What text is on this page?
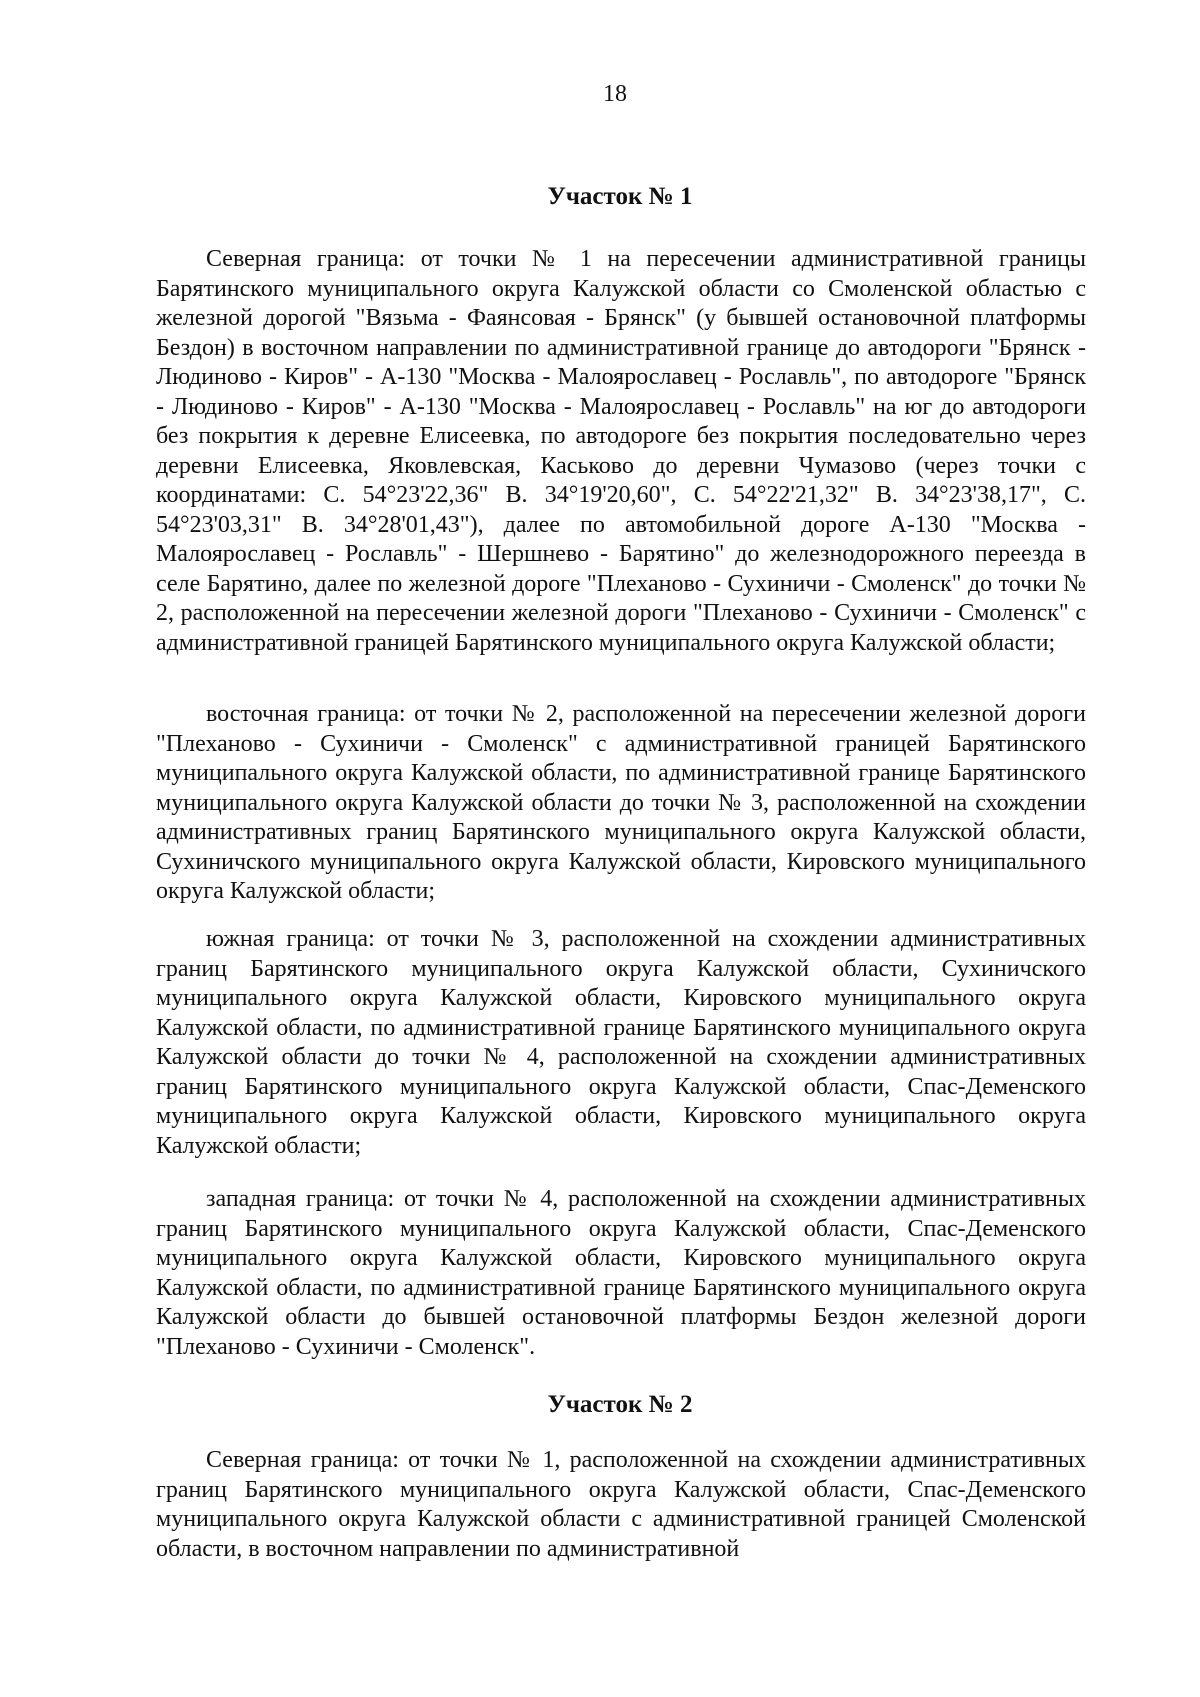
18
Участок № 1
Северная граница: от точки № 1 на пересечении административной границы Барятинского муниципального округа Калужской области со Смоленской областью с железной дорогой "Вязьма - Фаянсовая - Брянск" (у бывшей остановочной платформы Бездон) в восточном направлении по административной границе до автодороги "Брянск - Людиново - Киров" - А-130 "Москва - Малоярославец - Рославль", по автодороге "Брянск - Людиново - Киров" - А-130 "Москва - Малоярославец - Рославль" на юг до автодороги без покрытия к деревне Елисеевка, по автодороге без покрытия последовательно через деревни Елисеевка, Яковлевская, Каськово до деревни Чумазово (через точки с координатами: С. 54°23'22,36" В. 34°19'20,60", С. 54°22'21,32" В. 34°23'38,17", С. 54°23'03,31" В. 34°28'01,43"), далее по автомобильной дороге А-130 "Москва - Малоярославец - Рославль" - Шершнево - Барятино" до железнодорожного переезда в селе Барятино, далее по железной дороге "Плеханово - Сухиничи - Смоленск" до точки № 2, расположенной на пересечении железной дороги "Плеханово - Сухиничи - Смоленск" с административной границей Барятинского муниципального округа Калужской области;
восточная граница: от точки № 2, расположенной на пересечении железной дороги "Плеханово - Сухиничи - Смоленск" с административной границей Барятинского муниципального округа Калужской области, по административной границе Барятинского муниципального округа Калужской области до точки № 3, расположенной на схождении административных границ Барятинского муниципального округа Калужской области, Сухиничского муниципального округа Калужской области, Кировского муниципального округа Калужской области;
южная граница: от точки № 3, расположенной на схождении административных границ Барятинского муниципального округа Калужской области, Сухиничского муниципального округа Калужской области, Кировского муниципального округа Калужской области, по административной границе Барятинского муниципального округа Калужской области до точки № 4, расположенной на схождении административных границ Барятинского муниципального округа Калужской области, Спас-Деменского муниципального округа Калужской области, Кировского муниципального округа Калужской области;
западная граница: от точки № 4, расположенной на схождении административных границ Барятинского муниципального округа Калужской области, Спас-Деменского муниципального округа Калужской области, Кировского муниципального округа Калужской области, по административной границе Барятинского муниципального округа Калужской области до бывшей остановочной платформы Бездон железной дороги "Плеханово - Сухиничи - Смоленск".
Участок № 2
Северная граница: от точки № 1, расположенной на схождении административных границ Барятинского муниципального округа Калужской области, Спас-Деменского муниципального округа Калужской области с административной границей Смоленской области, в восточном направлении по административной
